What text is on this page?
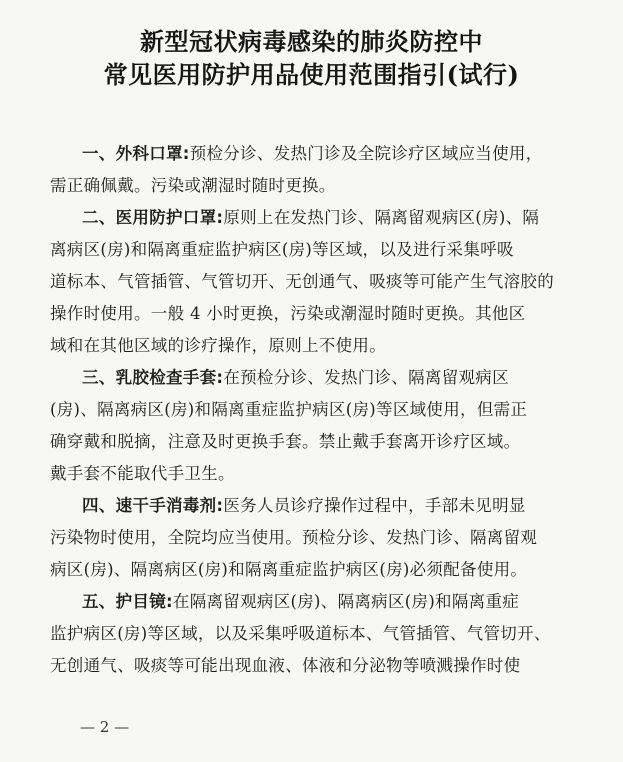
新型冠状病毒感染的肺炎防控中
常见医用防护用品使用范围指引(试行)
一、外科口罩:预检分诊、发热门诊及全院诊疗区域应当使用，
需正确佩戴。污染或潮湿时随时更换。
二、医用防护口罩:原则上在发热门诊、隔离留观病区(房)、隔
离病区(房)和隔离重症监护病区(房)等区域，以及进行采集呼吸
道标本、气管插管、气管切开、无创通气、吸痰等可能产生气溶胶的
操作时使用。一般 4 小时更换，污染或潮湿时随时更换。其他区
域和在其他区域的诊疗操作，原则上不使用。
三、乳胶检查手套:在预检分诊、发热门诊、隔离留观病区
(房)、隔离病区(房)和隔离重症监护病区(房)等区域使用，但需正
确穿戴和脱摘，注意及时更换手套。禁止戴手套离开诊疗区域。
戴手套不能取代手卫生。
四、速干手消毒剂:医务人员诊疗操作过程中，手部未见明显
污染物时使用，全院均应当使用。预检分诊、发热门诊、隔离留观
病区(房)、隔离病区(房)和隔离重症监护病区(房)必须配备使用。
五、护目镜:在隔离留观病区(房)、隔离病区(房)和隔离重症
监护病区(房)等区域，以及采集呼吸道标本、气管插管、气管切开、
无创通气、吸痰等可能出现血液、体液和分泌物等喷溅操作时使
— 2 —
